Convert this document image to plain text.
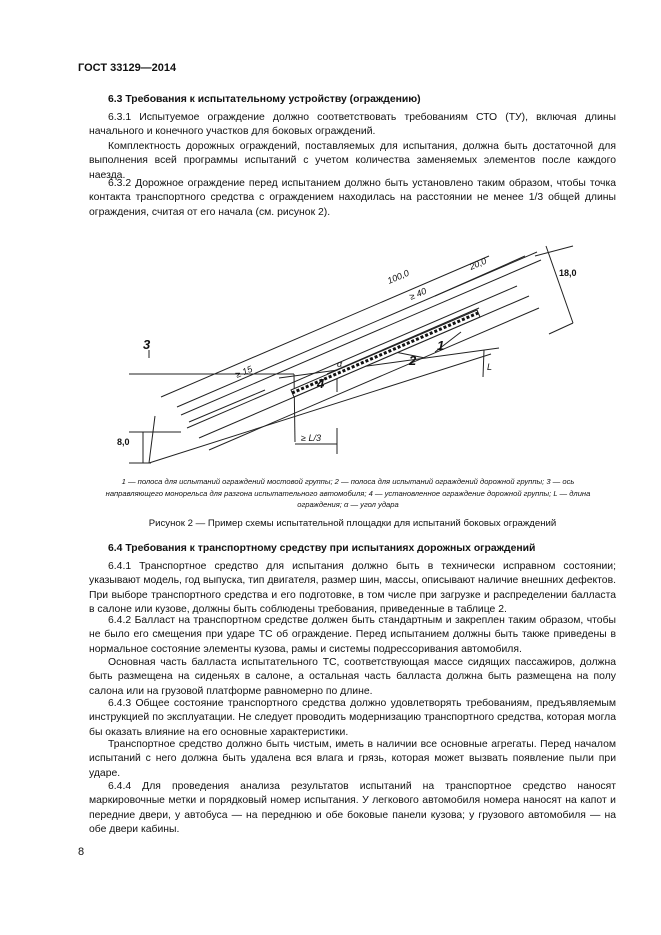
ГОСТ 33129—2014
6.3 Требования к испытательному устройству (ограждению)

6.3.1 Испытуемое ограждение должно соответствовать требованиям СТО (ТУ), включая длины начального и конечного участков для боковых ограждений.

Комплектность дорожных ограждений, поставляемых для испытания, должна быть достаточной для выполнения всей программы испытаний с учетом количества заменяемых элементов после каждого наезда.

6.3.2 Дорожное ограждение перед испытанием должно быть установлено таким образом, чтобы точка контакта транспортного средства с ограждением находилась на расстоянии не менее 1/3 общей длины ограждения, считая от его начала (см. рисунок 2).

100,0
≥ 40
20,0
≥ 15
18,0
8,0	≥ L/3
α	L
3	1
2
4

1 — полоса для испытаний ограждений мостовой группы; 2 — полоса для испытаний ограждений дорожной группы; 3 — ось направляющего монорельса для разгона испытательного автомобиля; 4 — установленное ограждение дорожной группы; L — длина ограждения; α — угол удара

Рисунок 2 — Пример схемы испытательной площадки для испытаний боковых ограждений
6.4 Требования к транспортному средству при испытаниях дорожных ограждений

6.4.1 Транспортное средство для испытания должно быть в технически исправном состоянии; указывают модель, год выпуска, тип двигателя, размер шин, массы, описывают наличие внешних дефектов. При выборе транспортного средства и его подготовке, в том числе при загрузке и распределении балласта в салоне или кузове, должны быть соблюдены требования, приведенные в таблице 2.

6.4.2 Балласт на транспортном средстве должен быть стандартным и закреплен таким образом, чтобы не было его смещения при ударе ТС об ограждение. Перед испытанием должны быть также приведены в нормальное состояние элементы кузова, рамы и системы подрессоривания автомобиля.

Основная часть балласта испытательного ТС, соответствующая массе сидящих пассажиров, должна быть размещена на сиденьях в салоне, а остальная часть балласта должна быть размещена на полу салона или на грузовой платформе равномерно по длине.

6.4.3 Общее состояние транспортного средства должно удовлетворять требованиям, предъявляемым инструкцией по эксплуатации. Не следует проводить модернизацию транспортного средства, которая могла бы оказать влияние на его основные характеристики.

Транспортное средство должно быть чистым, иметь в наличии все основные агрегаты. Перед началом испытаний с него должна быть удалена вся влага и грязь, которая может вызвать появление пыли при ударе.

6.4.4 Для проведения анализа результатов испытаний на транспортное средство наносят маркировочные метки и порядковый номер испытания. У легкового автомобиля номера наносят на капот и передние двери, у автобуса — на переднюю и обе боковые панели кузова; у грузового автомобиля — на обе двери кабины.

8
